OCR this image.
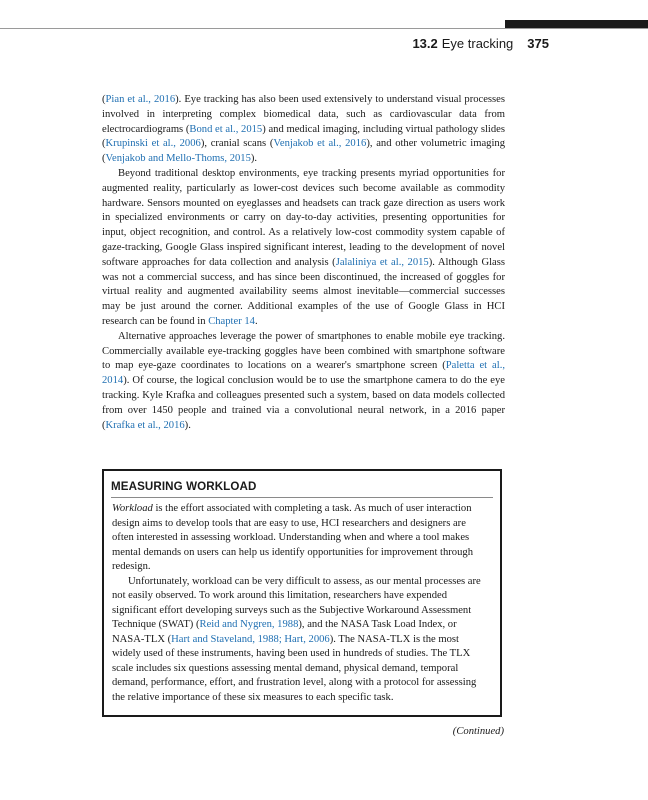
13.2 Eye tracking 375

(Pian et al., 2016). Eye tracking has also been used extensively to understand visual processes involved in interpreting complex biomedical data, such as cardiovascular data from electrocardiograms (Bond et al., 2015) and medical imaging, including virtual pathology slides (Krupinski et al., 2006), cranial scans (Venjakob et al., 2016), and other volumetric imaging (Venjakob and Mello-Thoms, 2015).

Beyond traditional desktop environments, eye tracking presents myriad opportunities for augmented reality, particularly as lower-cost devices such become available as commodity hardware. Sensors mounted on eyeglasses and headsets can track gaze direction as users work in specialized environments or carry on day-to-day activities, presenting opportunities for input, object recognition, and control. As a relatively low-cost commodity system capable of gaze-tracking, Google Glass inspired significant interest, leading to the development of novel software approaches for data collection and analysis (Jalaliniya et al., 2015). Although Glass was not a commercial success, and has since been discontinued, the increased of goggles for virtual reality and augmented availability seems almost inevitable—commercial successes may be just around the corner. Additional examples of the use of Google Glass in HCI research can be found in Chapter 14.

Alternative approaches leverage the power of smartphones to enable mobile eye tracking. Commercially available eye-tracking goggles have been combined with smartphone software to map eye-gaze coordinates to locations on a wearer's smartphone screen (Paletta et al., 2014). Of course, the logical conclusion would be to use the smartphone camera to do the eye tracking. Kyle Krafka and colleagues presented such a system, based on data models collected from over 1450 people and trained via a convolutional neural network, in a 2016 paper (Krafka et al., 2016).

MEASURING WORKLOAD

Workload is the effort associated with completing a task. As much of user interaction design aims to develop tools that are easy to use, HCI researchers and designers are often interested in assessing workload. Understanding when and where a tool makes mental demands on users can help us identify opportunities for improvement through redesign.

Unfortunately, workload can be very difficult to assess, as our mental processes are not easily observed. To work around this limitation, researchers have expended significant effort developing surveys such as the Subjective Workaround Assessment Technique (SWAT) (Reid and Nygren, 1988), and the NASA Task Load Index, or NASA-TLX (Hart and Staveland, 1988; Hart, 2006). The NASA-TLX is the most widely used of these instruments, having been used in hundreds of studies. The TLX scale includes six questions assessing mental demand, physical demand, temporal demand, performance, effort, and frustration level, along with a protocol for assessing the relative importance of these six measures to each specific task.

(Continued)
